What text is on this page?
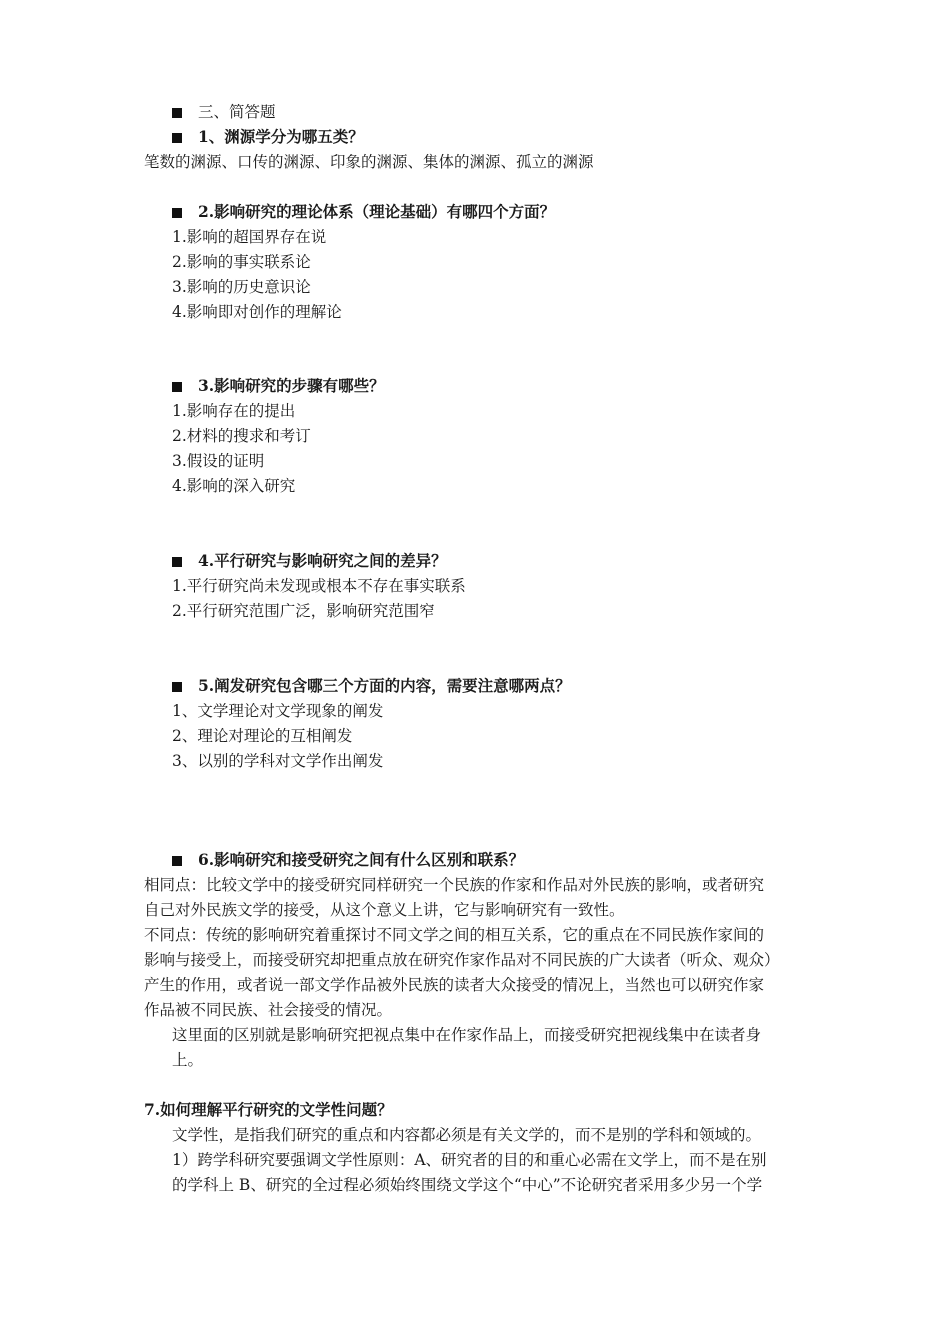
三、简答题
1、渊源学分为哪五类？
笔数的渊源、口传的渊源、印象的渊源、集体的渊源、孤立的渊源
2.影响研究的理论体系（理论基础）有哪四个方面？
1.影响的超国界存在说
2.影响的事实联系论
3.影响的历史意识论
4.影响即对创作的理解论
3.影响研究的步骤有哪些？
1.影响存在的提出
2.材料的搜求和考订
3.假设的证明
4.影响的深入研究
4.平行研究与影响研究之间的差异？
1.平行研究尚未发现或根本不存在事实联系
2.平行研究范围广泛，影响研究范围窄
5.阐发研究包含哪三个方面的内容，需要注意哪两点？
1、文学理论对文学现象的阐发
2、理论对理论的互相阐发
3、以别的学科对文学作出阐发
6.影响研究和接受研究之间有什么区别和联系？
相同点：比较文学中的接受研究同样研究一个民族的作家和作品对外民族的影响，或者研究
自己对外民族文学的接受，从这个意义上讲，它与影响研究有一致性。
不同点：传统的影响研究着重探讨不同文学之间的相互关系，它的重点在不同民族作家间的
影响与接受上，而接受研究却把重点放在研究作家作品对不同民族的广大读者（听众、观众）
产生的作用，或者说一部文学作品被外民族的读者大众接受的情况上，当然也可以研究作家
作品被不同民族、社会接受的情况。
这里面的区别就是影响研究把视点集中在作家作品上，而接受研究把视线集中在读者身
上。
7.如何理解平行研究的文学性问题？
文学性，是指我们研究的重点和内容都必须是有关文学的，而不是别的学科和领域的。
1）跨学科研究要强调文学性原则：A、研究者的目的和重心必需在文学上，而不是在别
的学科上 B、研究的全过程必须始终围绕文学这个“中心”不论研究者采用多少另一个学
